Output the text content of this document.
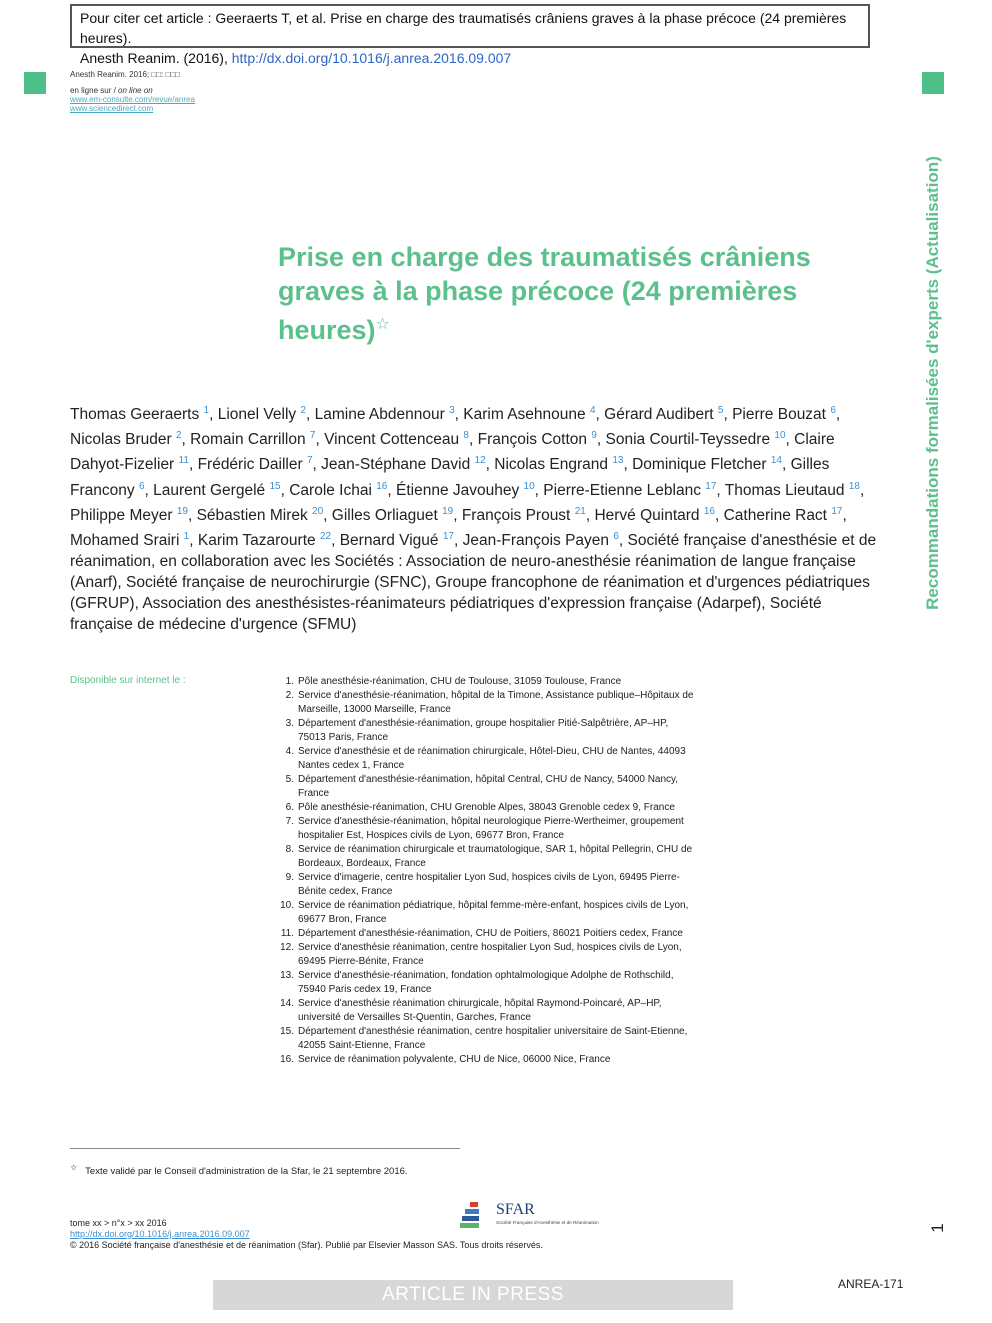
Pour citer cet article : Geeraerts T, et al. Prise en charge des traumatisés crâniens graves à la phase précoce (24 premières heures).
Anesth Reanim. (2016), http://dx.doi.org/10.1016/j.anrea.2016.09.007
Anesth Reanim. 2016; □□: □□□
en ligne sur / on line on
www.em-consulte.com/revue/anrea
www.sciencedirect.com
Prise en charge des traumatisés crâniens graves à la phase précoce (24 premières heures)☆	Recommandations formalisées d'experts (Actualisation)
Thomas Geeraerts $^1$, Lionel Velly $^2$, Lamine Abdennour $^3$, Karim Asehnoune $^4$, Gérard Audibert $^5$, Pierre Bouzat $^6$, Nicolas Bruder $^2$, Romain Carrillon $^7$, Vincent Cottenceau $^8$, François Cotton $^9$, Sonia Courtil-Teyssedre $^{10}$, Claire Dahyot-Fizelier $^{11}$, Frédéric Dailler $^7$, Jean-Stéphane David $^{12}$, Nicolas Engrand $^{13}$, Dominique Fletcher $^{14}$, Gilles Francony $^6$, Laurent Gergelé $^{15}$, Carole Ichai $^{16}$, Étienne Javouhey $^{10}$, Pierre-Etienne Leblanc $^{17}$, Thomas Lieutaud $^{18}$, Philippe Meyer $^{19}$, Sébastien Mirek $^{20}$, Gilles Orliaguet $^{19}$, François Proust $^{21}$, Hervé Quintard $^{16}$, Catherine Ract $^{17}$, Mohamed Srairi $^1$, Karim Tazarourte $^{22}$, Bernard Vigué $^{17}$, Jean-François Payen $^6$, Société française d'anesthésie et de réanimation, en collaboration avec les Sociétés : Association de neuro-anesthésie réanimation de langue française (Anarf), Société française de neurochirurgie (SFNC), Groupe francophone de réanimation et d'urgences pédiatriques (GFRUP), Association des anesthésistes-réanimateurs pédiatriques d'expression française (Adarpef), Société française de médecine d'urgence (SFMU)
Disponible sur internet le :	1. Pôle anesthésie-réanimation, CHU de Toulouse, 31059 Toulouse, France
2. Service d'anesthésie-réanimation, hôpital de la Timone, Assistance publique–Hôpitaux de Marseille, 13000 Marseille, France
3. Département d'anesthésie-réanimation, groupe hospitalier Pitié-Salpêtrière, AP–HP, 75013 Paris, France
4. Service d'anesthésie et de réanimation chirurgicale, Hôtel-Dieu, CHU de Nantes, 44093 Nantes cedex 1, France
5. Département d'anesthésie-réanimation, hôpital Central, CHU de Nancy, 54000 Nancy, France
6. Pôle anesthésie-réanimation, CHU Grenoble Alpes, 38043 Grenoble cedex 9, France
7. Service d'anesthésie-réanimation, hôpital neurologique Pierre-Wertheimer, groupement hospitalier Est, Hospices civils de Lyon, 69677 Bron, France
8. Service de réanimation chirurgicale et traumatologique, SAR 1, hôpital Pellegrin, CHU de Bordeaux, Bordeaux, France
9. Service d'imagerie, centre hospitalier Lyon Sud, hospices civils de Lyon, 69495 Pierre-Bénite cedex, France
10. Service de réanimation pédiatrique, hôpital femme-mère-enfant, hospices civils de Lyon, 69677 Bron, France
11. Département d'anesthésie-réanimation, CHU de Poitiers, 86021 Poitiers cedex, France
12. Service d'anesthésie réanimation, centre hospitalier Lyon Sud, hospices civils de Lyon, 69495 Pierre-Bénite, France
13. Service d'anesthésie-réanimation, fondation ophtalmologique Adolphe de Rothschild, 75940 Paris cedex 19, France
14. Service d'anesthésie réanimation chirurgicale, hôpital Raymond-Poincaré, AP–HP, université de Versailles St-Quentin, Garches, France
15. Département d'anesthésie réanimation, centre hospitalier universitaire de Saint-Etienne, 42055 Saint-Etienne, France
16. Service de réanimation polyvalente, CHU de Nice, 06000 Nice, France
☆ Texte validé par le Conseil d'administration de la Sfar, le 21 septembre 2016.
tome xx > n°x > xx 2016
http://dx.doi.org/10.1016/j.anrea.2016.09.007
© 2016 Société française d'anesthésie et de réanimation (Sfar). Publié par Elsevier Masson SAS. Tous droits réservés.
SFAR
Société Française d'Anesthésie et de Réanimation
1
ARTICLE IN PRESS	ANREA-171
